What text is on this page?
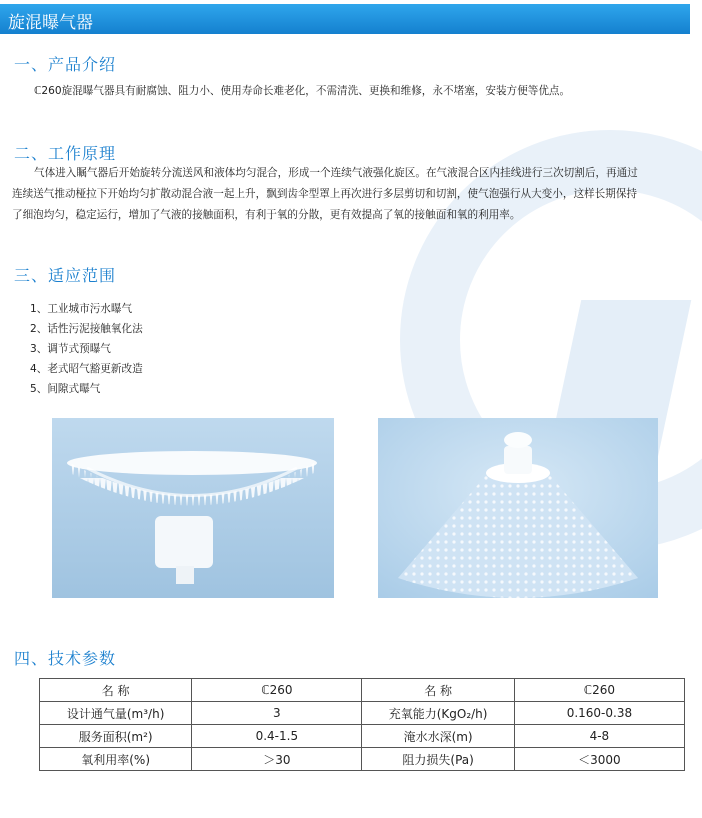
旋混曝气器
一、产品介绍
ℂ260旋混曝气器具有耐腐蚀、阻力小、使用寿命长难老化，不需清洗、更换和维修，永不堵塞，安装方便等优点。
二、工作原理
气体进入瞩气器后开始旋转分流送风和液体均匀混合，形成一个连续气液强化旋区。在气液混合区内挂线进行三次切割后，再通过
连续送气推动桠拉下开始均匀扩散动混合液一起上升，飘到齿伞型罩上再次进行多层剪切和切割，使气泡强行从大变小，这样长期保持
了细泡均匀，稳定运行，增加了气液的接触面积，有利于氧的分散，更有效提高了氧的接触面和氧的利用率。
三、适应范围
1、工业城市污水曝气
2、话性污泥接触氧化法
3、调节式预曝气
4、老式昭气豁更新改造
5、间隙式曝气
四、技术参数
名 称	ℂ260	名 称	ℂ260
设计通气量(m³/h)	3	充氧能力(KgO₂/h)	0.160-0.38
服务面积(m²)	0.4-1.5	淹水水深(m)	4-8
氧利用率(%)	＞30	阻力损失(Pa)	＜3000
